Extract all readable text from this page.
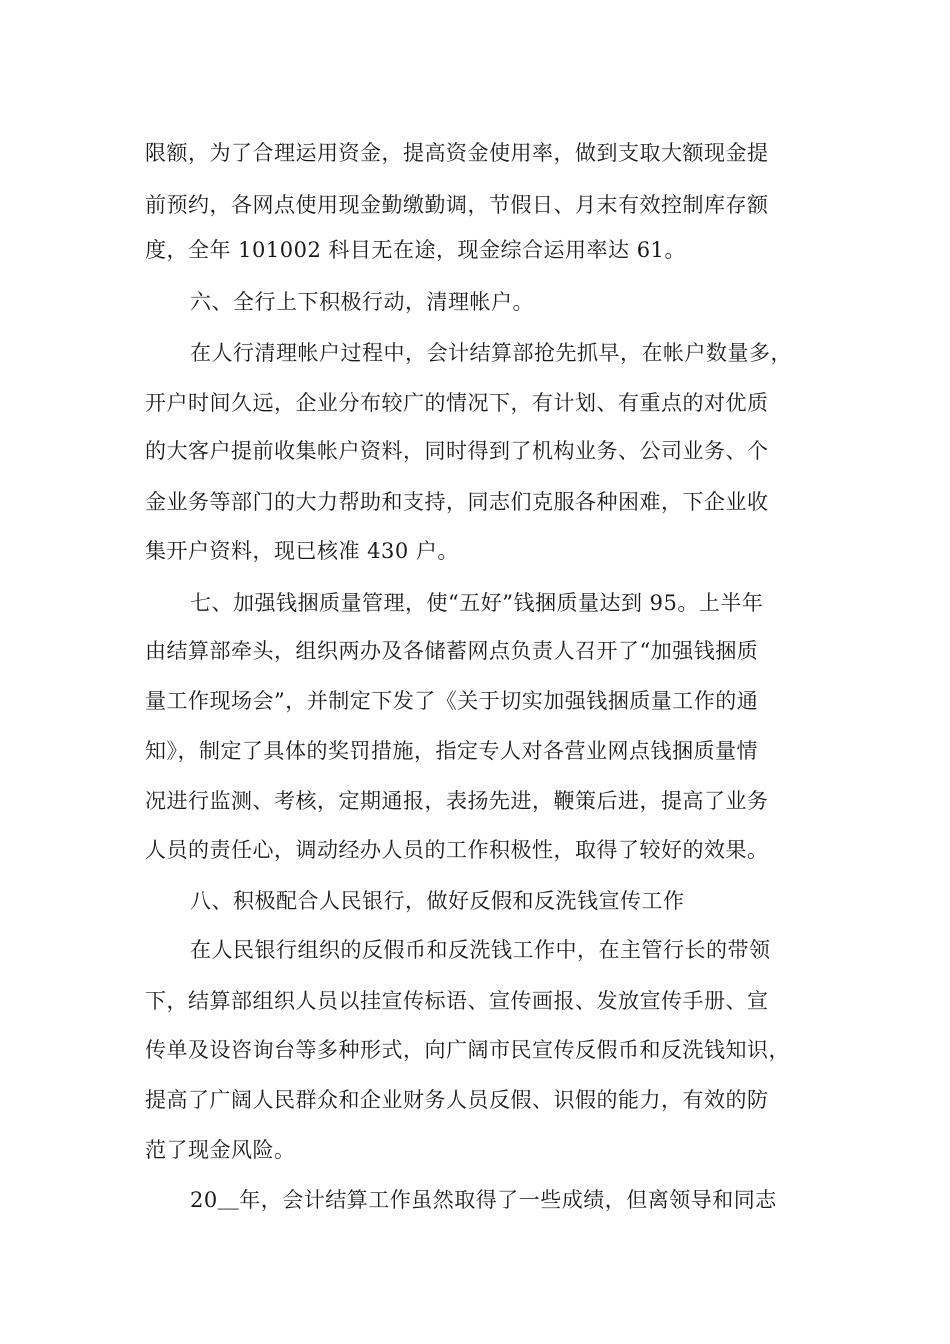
限额，为了合理运用资金，提高资金使用率，做到支取大额现金提
前预约，各网点使用现金勤缴勤调，节假日、月末有效控制库存额
度，全年 101002 科目无在途，现金综合运用率达 61。
六、全行上下积极行动，清理帐户。
在人行清理帐户过程中，会计结算部抢先抓早，在帐户数量多，
开户时间久远，企业分布较广的情况下，有计划、有重点的对优质
的大客户提前收集帐户资料，同时得到了机构业务、公司业务、个
金业务等部门的大力帮助和支持，同志们克服各种困难，下企业收
集开户资料，现已核准 430 户。
七、加强钱捆质量管理，使“五好”钱捆质量达到 95。上半年
由结算部牵头，组织两办及各储蓄网点负责人召开了“加强钱捆质
量工作现场会”，并制定下发了《关于切实加强钱捆质量工作的通
知》，制定了具体的奖罚措施，指定专人对各营业网点钱捆质量情
况进行监测、考核，定期通报，表扬先进，鞭策后进，提高了业务
人员的责任心，调动经办人员的工作积极性，取得了较好的效果。
八、积极配合人民银行，做好反假和反洗钱宣传工作
在人民银行组织的反假币和反洗钱工作中，在主管行长的带领
下，结算部组织人员以挂宣传标语、宣传画报、发放宣传手册、宣
传单及设咨询台等多种形式，向广阔市民宣传反假币和反洗钱知识，
提高了广阔人民群众和企业财务人员反假、识假的能力，有效的防
范了现金风险。
20＿年，会计结算工作虽然取得了一些成绩，但离领导和同志
